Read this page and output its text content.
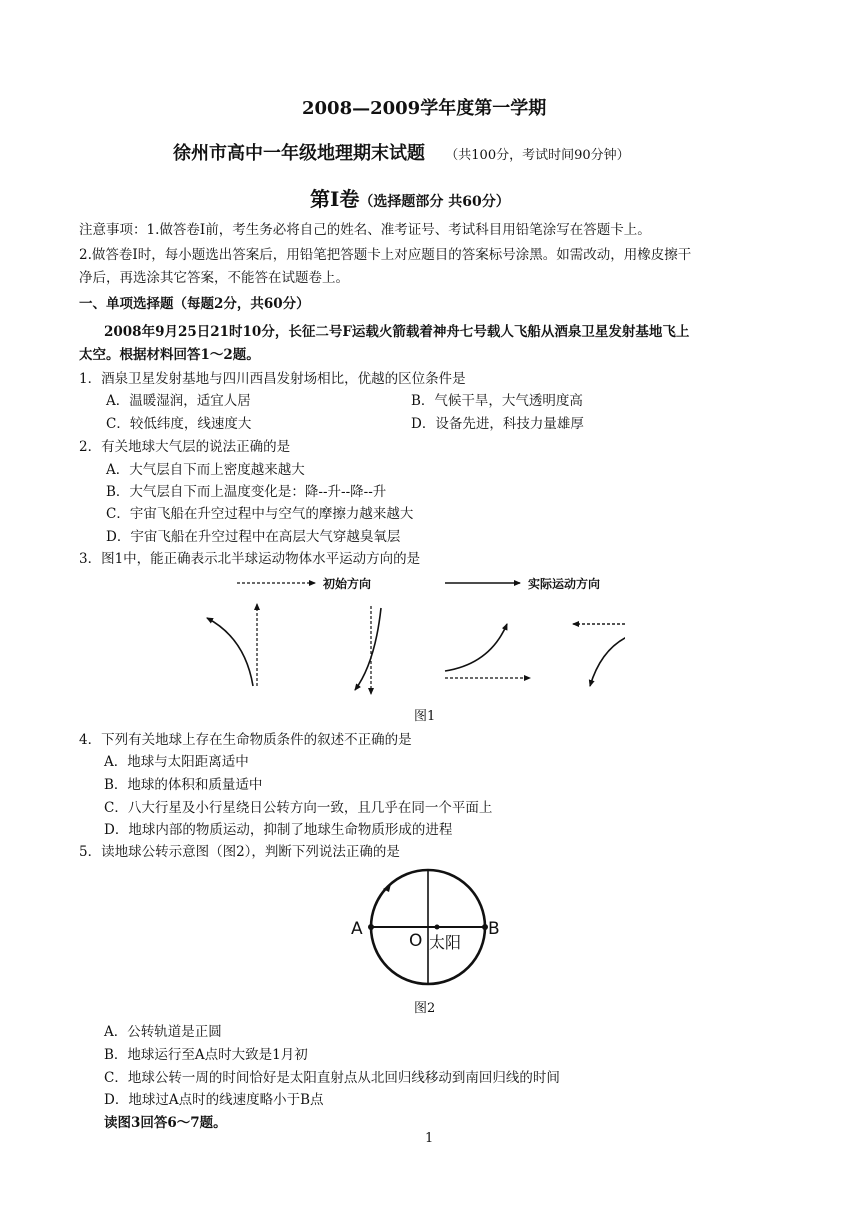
2008—2009学年度第一学期
徐州市高中一年级地理期末试题 （共100分，考试时间90分钟）
第Ⅰ卷（选择题部分 共60分）
注意事项：1.做答卷Ⅰ前，考生务必将自己的姓名、准考证号、考试科目用铅笔涂写在答题卡上。
2.做答卷Ⅰ时，每小题选出答案后，用铅笔把答题卡上对应题目的答案标号涂黑。如需改动，用橡皮擦干
净后，再选涂其它答案，不能答在试题卷上。
一、单项选择题（每题2分，共60分）
2008年9月25日21时10分，长征二号F运载火箭载着神舟七号载人飞船从酒泉卫星发射基地飞上
太空。根据材料回答1～2题。
1．酒泉卫星发射基地与四川西昌发射场相比，优越的区位条件是
A．温暖湿润，适宜人居	B．气候干旱，大气透明度高
C．较低纬度，线速度大	D．设备先进，科技力量雄厚
2．有关地球大气层的说法正确的是
A．大气层自下而上密度越来越大
B．大气层自下而上温度变化是：降--升--降--升
C．宇宙飞船在升空过程中与空气的摩擦力越来越大
D．宇宙飞船在升空过程中在高层大气穿越臭氧层
3．图1中，能正确表示北半球运动物体水平运动方向的是
初始方向	实际运动方向
图1
4．下列有关地球上存在生命物质条件的叙述不正确的是
A．地球与太阳距离适中
B．地球的体积和质量适中
C．八大行星及小行星绕日公转方向一致，且几乎在同一个平面上
D．地球内部的物质运动，抑制了地球生命物质形成的进程
5．读地球公转示意图（图2），判断下列说法正确的是
A	B
O 太阳
图2
A．公转轨道是正圆
B．地球运行至A点时大致是1月初
C．地球公转一周的时间恰好是太阳直射点从北回归线移动到南回归线的时间
D．地球过A点时的线速度略小于B点
读图3回答6～7题。
1
